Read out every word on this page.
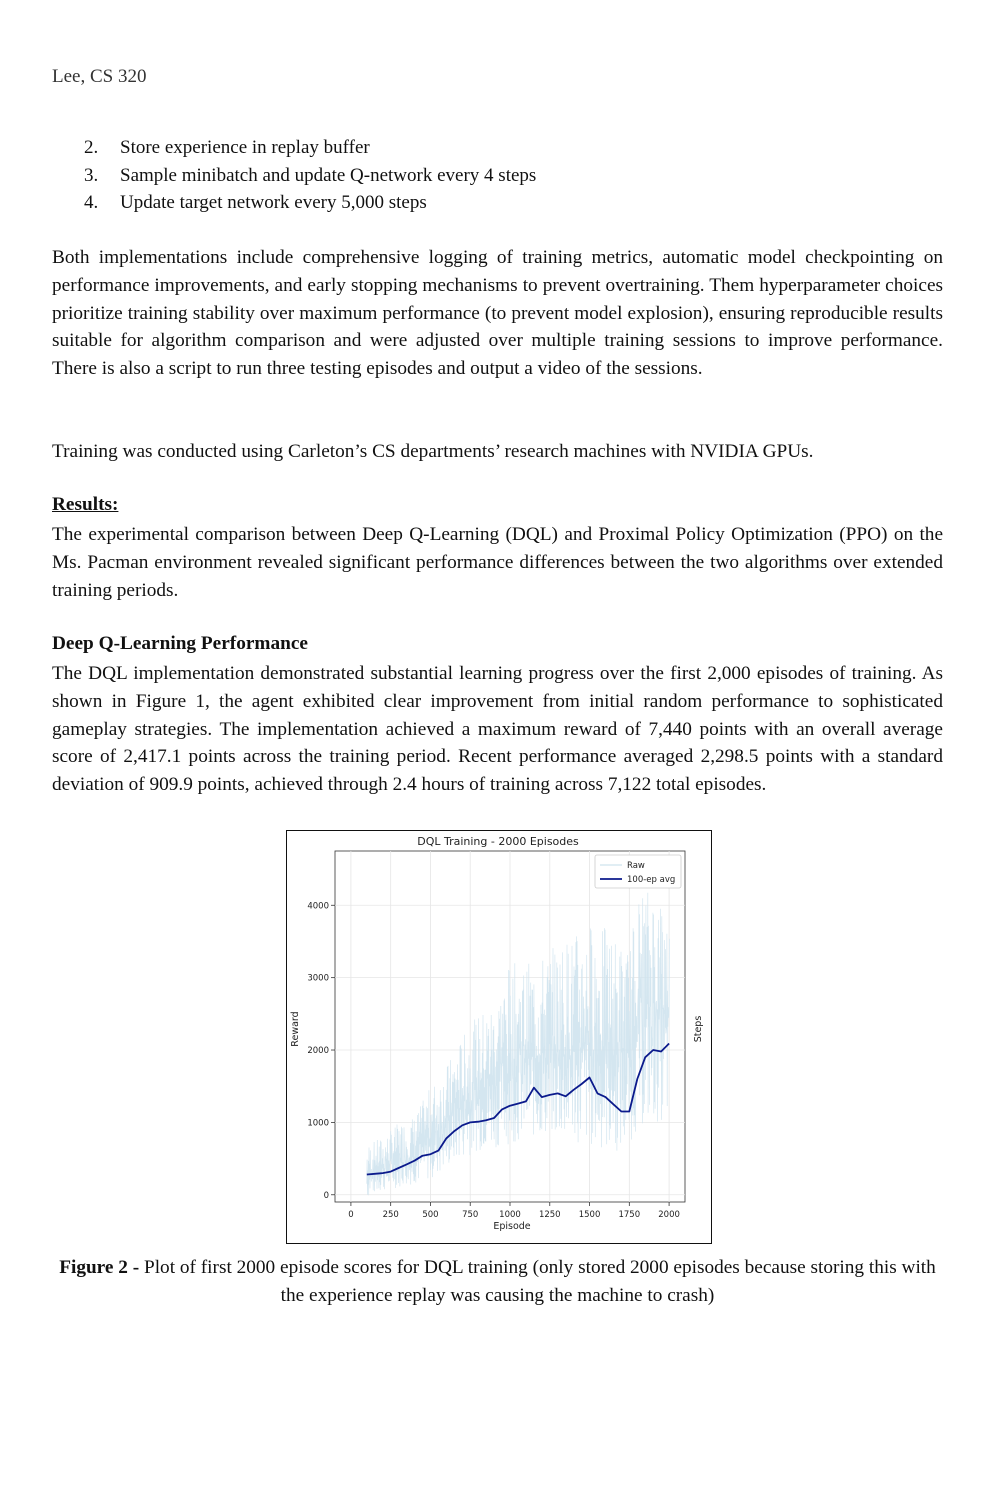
Lee, CS 320
2.	Store experience in replay buffer
3.	Sample minibatch and update Q-network every 4 steps
4.	Update target network every 5,000 steps

Both implementations include comprehensive logging of training metrics, automatic model checkpointing on performance improvements, and early stopping mechanisms to prevent overtraining. Them hyperparameter choices prioritize training stability over maximum performance (to prevent model explosion), ensuring reproducible results suitable for algorithm comparison and were adjusted over multiple training sessions to improve performance. There is also a script to run three testing episodes and output a video of the sessions.

Training was conducted using Carleton’s CS departments’ research machines with NVIDIA GPUs.

Results:

The experimental comparison between Deep Q-Learning (DQL) and Proximal Policy Optimization (PPO) on the Ms. Pacman environment revealed significant performance differences between the two algorithms over extended training periods.

Deep Q-Learning Performance

The DQL implementation demonstrated substantial learning progress over the first 2,000 episodes of training. As shown in Figure 1, the agent exhibited clear improvement from initial random performance to sophisticated gameplay strategies. The implementation achieved a maximum reward of 7,440 points with an overall average score of 2,417.1 points across the training period. Recent performance averaged 2,298.5 points with a standard deviation of 909.9 points, achieved through 2.4 hours of training across 7,122 total episodes.

DQL Training - 2000 Episodes
0	250	500	750 1000 1250 1500 1750 2000
0
1000
2000
3000
4000
Raw
100-ep avg
Episode
Reward	Steps

Figure 2 - Plot of first 2000 episode scores for DQL training (only stored 2000 episodes because storing this with the experience replay was causing the machine to crash)
